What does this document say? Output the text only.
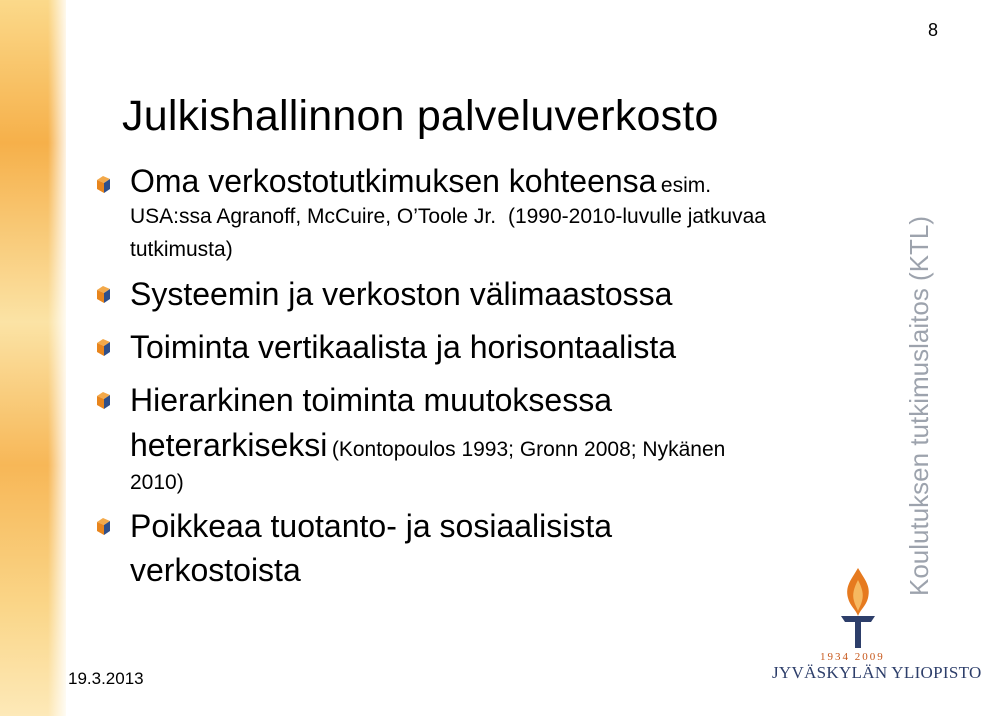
8
Julkishallinnon palveluverkosto
Oma verkostotutkimuksen kohteensa esim.
USA:ssa Agranoff, McCuire, O’Toole Jr. (1990-2010-luvulle jatkuvaa
tutkimusta)
Systeemin ja verkoston välimaastossa
Toiminta vertikaalista ja horisontaalista
Hierarkinen toiminta muutoksessa
heterarkiseksi (Kontopoulos 1993; Gronn 2008; Nykänen
2010)
Poikkeaa tuotanto- ja sosiaalisista
verkostoista
19.3.2013
Koulutuksen tutkimuslaitos (KTL)
1934 2009
JYVÄSKYLÄN YLIOPISTO
